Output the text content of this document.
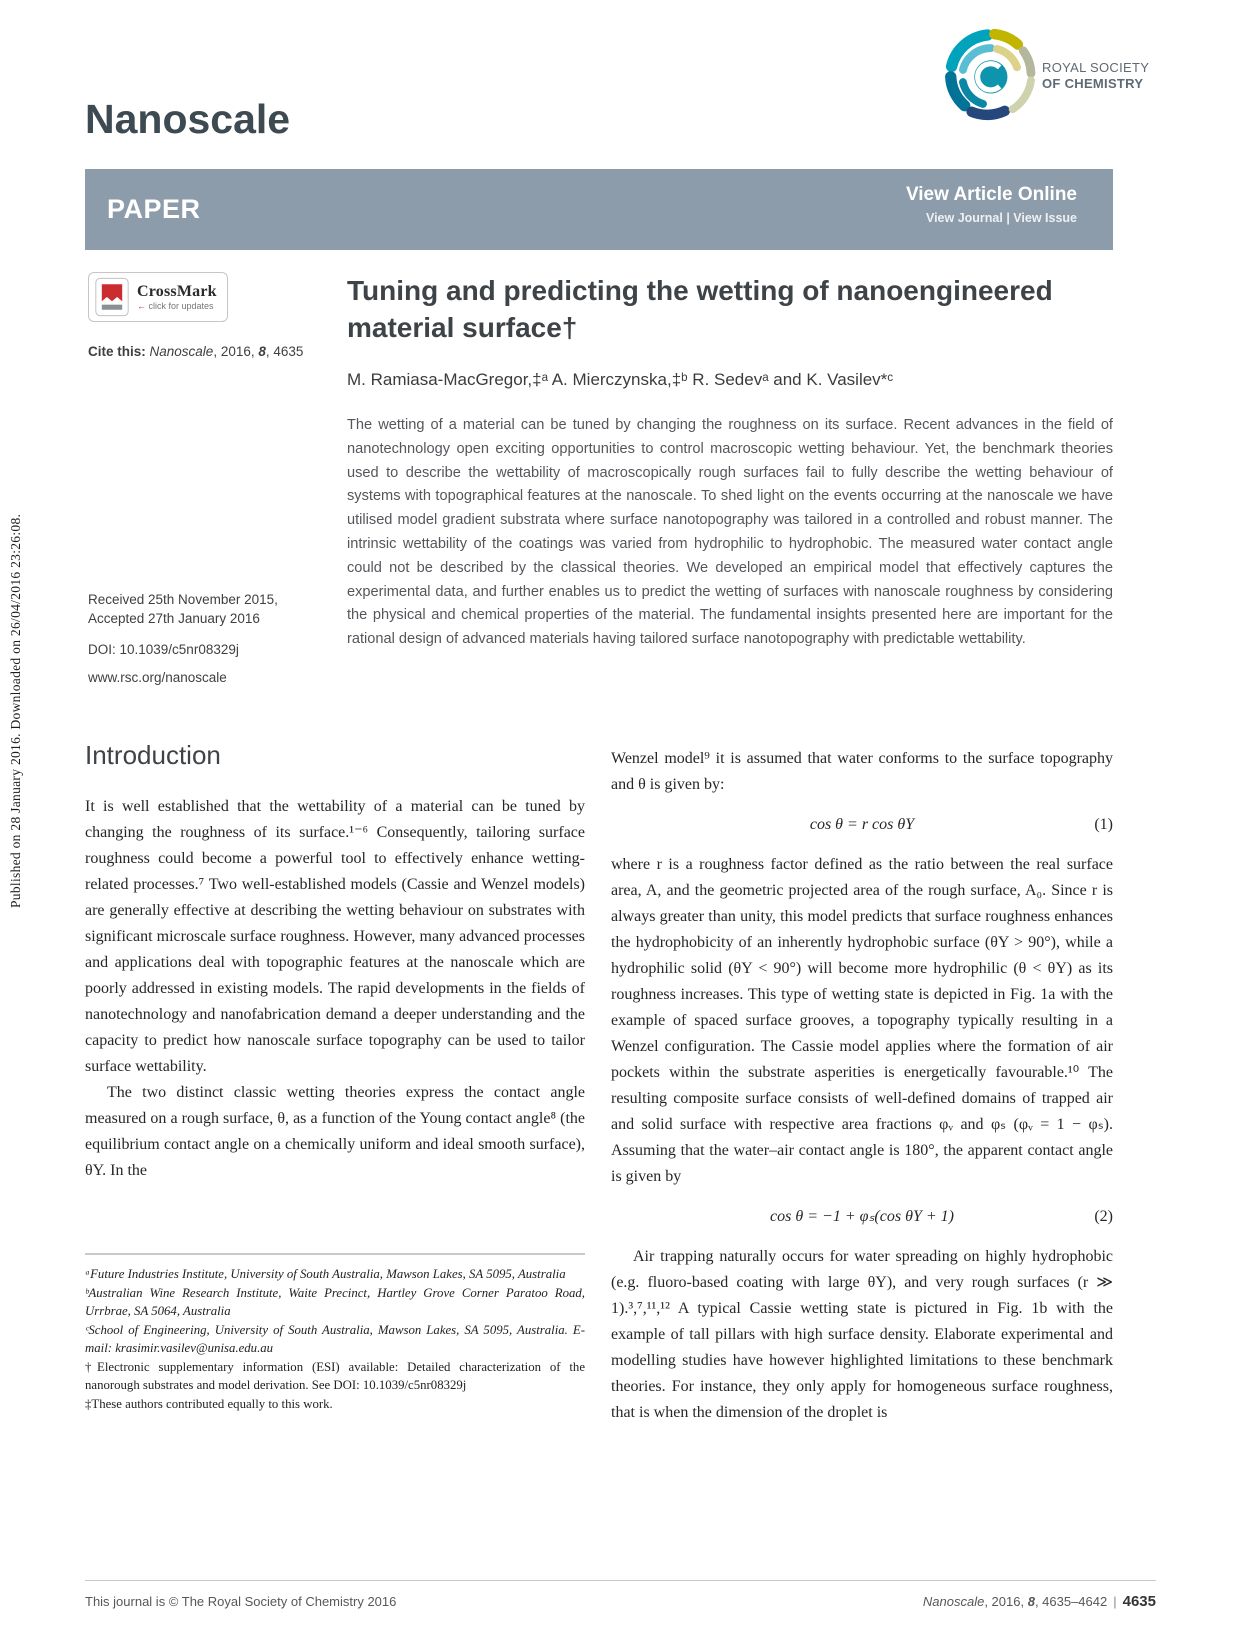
Published on 28 January 2016. Downloaded on 26/04/2016 23:26:08.
Nanoscale
ROYAL SOCIETY
OF CHEMISTRY
PAPER	View Article Online
View Journal | View Issue
CrossMark
← click for updates
Cite this: Nanoscale, 2016, 8, 4635
Received 25th November 2015,
Accepted 27th January 2016
DOI: 10.1039/c5nr08329j
www.rsc.org/nanoscale
Tuning and predicting the wetting of nanoengineered material surface†
M. Ramiasa-MacGregor,‡ᵃ A. Mierczynska,‡ᵇ R. Sedevᵃ and K. Vasilev*ᶜ
The wetting of a material can be tuned by changing the roughness on its surface. Recent advances in the field of nanotechnology open exciting opportunities to control macroscopic wetting behaviour. Yet, the benchmark theories used to describe the wettability of macroscopically rough surfaces fail to fully describe the wetting behaviour of systems with topographical features at the nanoscale. To shed light on the events occurring at the nanoscale we have utilised model gradient substrata where surface nanotopography was tailored in a controlled and robust manner. The intrinsic wettability of the coatings was varied from hydrophilic to hydrophobic. The measured water contact angle could not be described by the classical theories. We developed an empirical model that effectively captures the experimental data, and further enables us to predict the wetting of surfaces with nanoscale roughness by considering the physical and chemical properties of the material. The fundamental insights presented here are important for the rational design of advanced materials having tailored surface nanotopography with predictable wettability.
Introduction

It is well established that the wettability of a material can be tuned by changing the roughness of its surface.¹⁻⁶ Consequently, tailoring surface roughness could become a powerful tool to effectively enhance wetting-related processes.⁷ Two well-established models (Cassie and Wenzel models) are generally effective at describing the wetting behaviour on substrates with significant microscale surface roughness. However, many advanced processes and applications deal with topographic features at the nanoscale which are poorly addressed in existing models. The rapid developments in the fields of nanotechnology and nanofabrication demand a deeper understanding and the capacity to predict how nanoscale surface topography can be used to tailor surface wettability.

The two distinct classic wetting theories express the contact angle measured on a rough surface, θ, as a function of the Young contact angle⁸ (the equilibrium contact angle on a chemically uniform and ideal smooth surface), θY. In the

Wenzel model⁹ it is assumed that water conforms to the surface topography and θ is given by:

cos θ = r cos θY	(1)

where r is a roughness factor defined as the ratio between the real surface area, A, and the geometric projected area of the rough surface, A₀. Since r is always greater than unity, this model predicts that surface roughness enhances the hydrophobicity of an inherently hydrophobic surface (θY > 90°), while a hydrophilic solid (θY < 90°) will become more hydrophilic (θ < θY) as its roughness increases. This type of wetting state is depicted in Fig. 1a with the example of spaced surface grooves, a topography typically resulting in a Wenzel configuration. The Cassie model applies where the formation of air pockets within the substrate asperities is energetically favourable.¹⁰ The resulting composite surface consists of well-defined domains of trapped air and solid surface with respective area fractions φᵥ and φₛ (φᵥ = 1 − φₛ). Assuming that the water–air contact angle is 180°, the apparent contact angle is given by

cos θ = −1 + φₛ(cos θY + 1)	(2)

Air trapping naturally occurs for water spreading on highly hydrophobic (e.g. fluoro-based coating with large θY), and very rough surfaces (r ≫ 1).³,⁷,¹¹,¹² A typical Cassie wetting state is pictured in Fig. 1b with the example of tall pillars with high surface density. Elaborate experimental and modelling studies have however highlighted limitations to these benchmark theories. For instance, they only apply for homogeneous surface roughness, that is when the dimension of the droplet is

ᵃFuture Industries Institute, University of South Australia, Mawson Lakes, SA 5095, Australia

ᵇAustralian Wine Research Institute, Waite Precinct, Hartley Grove Corner Paratoo Road, Urrbrae, SA 5064, Australia

ᶜSchool of Engineering, University of South Australia, Mawson Lakes, SA 5095, Australia. E-mail: krasimir.vasilev@unisa.edu.au

†Electronic supplementary information (ESI) available: Detailed characterization of the nanorough substrates and model derivation. See DOI: 10.1039/c5nr08329j

‡These authors contributed equally to this work.

This journal is © The Royal Society of Chemistry 2016	Nanoscale, 2016, 8, 4635–4642 | 4635
